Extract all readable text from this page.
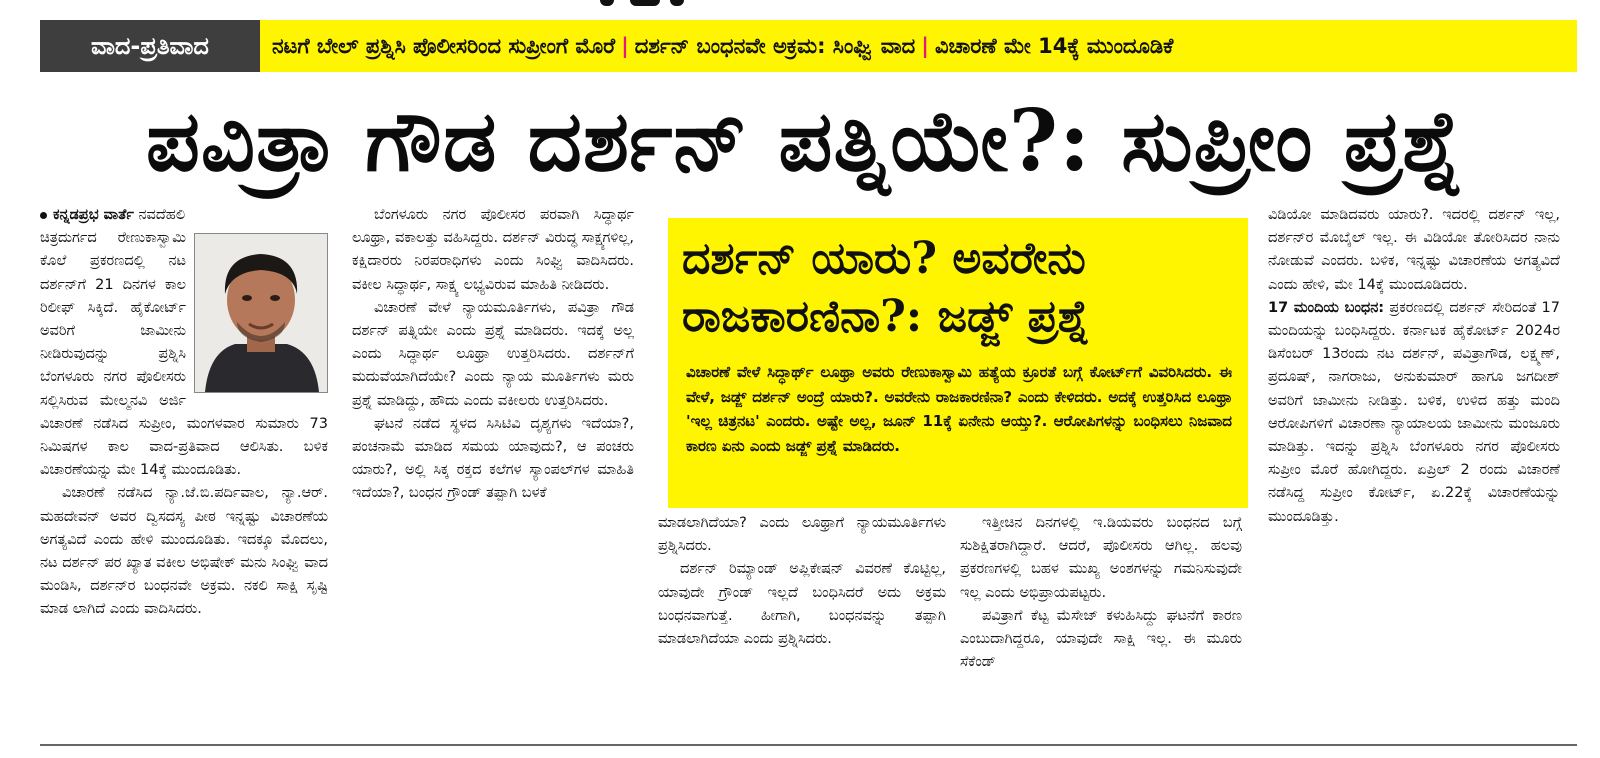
ವಾದ-ಪ್ರತಿವಾದ	ನಟಗೆ ಬೇಲ್ ಪ್ರಶ್ನಿಸಿ ಪೊಲೀಸರಿಂದ ಸುಪ್ರೀಂಗೆ ಮೊರೆ | ದರ್ಶನ್ ಬಂಧನವೇ ಅಕ್ರಮ: ಸಿಂಘ್ವಿ ವಾದ | ವಿಚಾರಣೆ ಮೇ 14ಕ್ಕೆ ಮುಂದೂಡಿಕೆ
ಪವಿತ್ರಾ ಗೌಡ ದರ್ಶನ್ ಪತ್ನಿಯೇ?: ಸುಪ್ರೀಂ ಪ್ರಶ್ನೆ

ಕನ್ನಡಪ್ರಭ ವಾರ್ತೆ ನವದೆಹಲಿ

ಚಿತ್ರದುರ್ಗದ ರೇಣುಕಾಸ್ವಾಮಿ ಕೊಲೆ ಪ್ರಕರಣದಲ್ಲಿ ನಟ ದರ್ಶನ್‌ಗೆ 21 ದಿನಗಳ ಕಾಲ ರಿಲೀಫ್ ಸಿಕ್ಕಿದೆ. ಹೈಕೋರ್ಟ್ ಅವರಿಗೆ ಜಾಮೀನು ನೀಡಿರುವುದನ್ನು ಪ್ರಶ್ನಿಸಿ ಬೆಂಗಳೂರು ನಗರ ಪೊಲೀಸರು ಸಲ್ಲಿಸಿರುವ ಮೇಲ್ಮನವಿ ಅರ್ಜಿ ವಿಚಾರಣೆ ನಡೆಸಿದ ಸುಪ್ರೀಂ, ಮಂಗಳವಾರ ಸುಮಾರು 73 ನಿಮಿಷಗಳ ಕಾಲ ವಾದ-ಪ್ರತಿವಾದ ಆಲಿಸಿತು. ಬಳಿಕ ವಿಚಾರಣೆಯನ್ನು ಮೇ 14ಕ್ಕೆ ಮುಂದೂಡಿತು.

ವಿಚಾರಣೆ ನಡೆಸಿದ ನ್ಯಾ.ಜೆ.ಬಿ.ಪರ್ದಿವಾಲ, ನ್ಯಾ.ಆರ್. ಮಹದೇವನ್ ಅವರ ದ್ವಿಸದಸ್ಯ ಪೀಠ ಇನ್ನಷ್ಟು ವಿಚಾರಣೆಯ ಅಗತ್ಯವಿದೆ ಎಂದು ಹೇಳಿ ಮುಂದೂಡಿತು. ಇದಕ್ಕೂ ಮೊದಲು, ನಟ ದರ್ಶನ್ ಪರ ಖ್ಯಾತ ವಕೀಲ ಅಭಿಷೇಕ್ ಮನು ಸಿಂಘ್ವಿ ವಾದ ಮಂಡಿಸಿ, ದರ್ಶನ್‌ರ ಬಂಧನವೇ ಅಕ್ರಮ. ನಕಲಿ ಸಾಕ್ಷಿ ಸೃಷ್ಟಿ ಮಾಡ ಲಾಗಿದೆ ಎಂದು ವಾದಿಸಿದರು.

ಬೆಂಗಳೂರು ನಗರ ಪೊಲೀಸರ ಪರವಾಗಿ ಸಿದ್ಧಾರ್ಥ ಲೂಥ್ರಾ, ವಕಾಲತ್ತು ವಹಿಸಿದ್ದರು. ದರ್ಶನ್ ವಿರುದ್ಧ ಸಾಕ್ಷ್ಯಗಳಿಲ್ಲ, ಕಕ್ಷಿದಾರರು ನಿರಪರಾಧಿಗಳು ಎಂದು ಸಿಂಘ್ವಿ ವಾದಿಸಿದರು. ವಕೀಲ ಸಿದ್ಧಾರ್ಥ, ಸಾಕ್ಷ್ಯ ಲಭ್ಯವಿರುವ ಮಾಹಿತಿ ನೀಡಿದರು.

ವಿಚಾರಣೆ ವೇಳೆ ನ್ಯಾಯಮೂರ್ತಿಗಳು, ಪವಿತ್ರಾ ಗೌಡ ದರ್ಶನ್ ಪತ್ನಿಯೇ ಎಂದು ಪ್ರಶ್ನೆ ಮಾಡಿದರು. ಇದಕ್ಕೆ ಅಲ್ಲ ಎಂದು ಸಿದ್ಧಾರ್ಥ ಲೂಥ್ರಾ ಉತ್ತರಿಸಿದರು. ದರ್ಶನ್‌ಗೆ ಮದುವೆಯಾಗಿದೆಯೇ? ಎಂದು ನ್ಯಾಯ ಮೂರ್ತಿಗಳು ಮರು ಪ್ರಶ್ನೆ ಮಾಡಿದ್ದು, ಹೌದು ಎಂದು ವಕೀಲರು ಉತ್ತರಿಸಿದರು.

ಘಟನೆ ನಡೆದ ಸ್ಥಳದ ಸಿಸಿಟಿವಿ ದೃಶ್ಯಗಳು ಇದೆಯಾ?, ಪಂಚನಾಮೆ ಮಾಡಿದ ಸಮಯ ಯಾವುದು?, ಆ ಪಂಚರು ಯಾರು?, ಅಲ್ಲಿ ಸಿಕ್ಕ ರಕ್ತದ ಕಲೆಗಳ ಸ್ಯಾಂಪಲ್‌ಗಳ ಮಾಹಿತಿ ಇದೆಯಾ?, ಬಂಧನ ಗ್ರೌಂಡ್ ತಪ್ಪಾಗಿ ಬಳಕೆ

ದರ್ಶನ್ ಯಾರು? ಅವರೇನು ರಾಜಕಾರಣಿನಾ?: ಜಡ್ಜ್ ಪ್ರಶ್ನೆ
ವಿಚಾರಣೆ ವೇಳೆ ಸಿದ್ಧಾರ್ಥ್ ಲೂಥ್ರಾ ಅವರು ರೇಣುಕಾಸ್ವಾಮಿ ಹತ್ಯೆಯ ಕ್ರೂರತೆ ಬಗ್ಗೆ ಕೋರ್ಟ್‌ಗೆ ವಿವರಿಸಿದರು. ಈ ವೇಳೆ, ಜಡ್ಜ್ ದರ್ಶನ್ ಅಂದ್ರೆ ಯಾರು?. ಅವರೇನು ರಾಜಕಾರಣಿನಾ? ಎಂದು ಕೇಳಿದರು. ಅದಕ್ಕೆ ಉತ್ತರಿಸಿದ ಲೂಥ್ರಾ 'ಇಲ್ಲ ಚಿತ್ರನಟ' ಎಂದರು. ಅಷ್ಟೇ ಅಲ್ಲ, ಜೂನ್ 11ಕ್ಕೆ ಏನೇನು ಆಯ್ತು?. ಆರೋಪಿಗಳನ್ನು ಬಂಧಿಸಲು ನಿಜವಾದ ಕಾರಣ ಏನು ಎಂದು ಜಡ್ಜ್ ಪ್ರಶ್ನೆ ಮಾಡಿದರು.

ಮಾಡಲಾಗಿದೆಯಾ? ಎಂದು ಲೂಥ್ರಾಗೆ ನ್ಯಾಯಮೂರ್ತಿಗಳು ಪ್ರಶ್ನಿಸಿದರು.

ದರ್ಶನ್ ರಿಮ್ಯಾಂಡ್ ಅಪ್ಲಿಕೇಷನ್ ವಿವರಣೆ ಕೊಟ್ಟಿಲ್ಲ, ಯಾವುದೇ ಗ್ರೌಂಡ್ ಇಲ್ಲದೆ ಬಂಧಿಸಿದರೆ ಅದು ಅಕ್ರಮ ಬಂಧನವಾಗುತ್ತೆ. ಹೀಗಾಗಿ, ಬಂಧನವನ್ನು ತಪ್ಪಾಗಿ ಮಾಡಲಾಗಿದೆಯಾ ಎಂದು ಪ್ರಶ್ನಿಸಿದರು.

ಇತ್ತೀಚಿನ ದಿನಗಳಲ್ಲಿ ಇ.ಡಿಯವರು ಬಂಧನದ ಬಗ್ಗೆ ಸುಶಿಕ್ಷಿತರಾಗಿದ್ದಾರೆ. ಆದರೆ, ಪೊಲೀಸರು ಆಗಿಲ್ಲ. ಹಲವು ಪ್ರಕರಣಗಳಲ್ಲಿ ಬಹಳ ಮುಖ್ಯ ಅಂಶಗಳನ್ನು ಗಮನಿಸುವುದೇ ಇಲ್ಲ ಎಂದು ಅಭಿಪ್ರಾಯಪಟ್ಟರು.

ಪವಿತ್ರಾಗೆ ಕೆಟ್ಟ ಮೆಸೇಜ್ ಕಳುಹಿಸಿದ್ದು ಘಟನೆಗೆ ಕಾರಣ ಎಂಬುದಾಗಿದ್ದರೂ, ಯಾವುದೇ ಸಾಕ್ಷಿ ಇಲ್ಲ. ಈ ಮೂರು ಸೆಕೆಂಡ್

ವಿಡಿಯೋ ಮಾಡಿದವರು ಯಾರು?. ಇದರಲ್ಲಿ ದರ್ಶನ್ ಇಲ್ಲ, ದರ್ಶನ್‌ರ ಮೊಬೈಲ್ ಇಲ್ಲ. ಈ ವಿಡಿಯೋ ತೋರಿಸಿದರ ನಾನು ನೋಡುವೆ ಎಂದರು. ಬಳಿಕ, ಇನ್ನಷ್ಟು ವಿಚಾರಣೆಯ ಅಗತ್ಯವಿದೆ ಎಂದು ಹೇಳಿ, ಮೇ 14ಕ್ಕೆ ಮುಂದೂಡಿದರು.

17 ಮಂದಿಯ ಬಂಧನ: ಪ್ರಕರಣದಲ್ಲಿ ದರ್ಶನ್ ಸೇರಿದಂತೆ 17 ಮಂದಿಯನ್ನು ಬಂಧಿಸಿದ್ದರು. ಕರ್ನಾಟಕ ಹೈಕೋರ್ಟ್ 2024ರ ಡಿಸೆಂಬರ್ 13ರಂದು ನಟ ದರ್ಶನ್, ಪವಿತ್ರಾಗೌಡ, ಲಕ್ಷ್ಮಣ್, ಪ್ರದೂಷ್, ನಾಗರಾಜು, ಅನುಕುಮಾರ್ ಹಾಗೂ ಜಗದೀಶ್ ಅವರಿಗೆ ಜಾಮೀನು ನೀಡಿತ್ತು. ಬಳಿಕ, ಉಳಿದ ಹತ್ತು ಮಂದಿ ಆರೋಪಿಗಳಿಗೆ ವಿಚಾರಣಾ ನ್ಯಾಯಾಲಯ ಜಾಮೀನು ಮಂಜೂರು ಮಾಡಿತ್ತು. ಇದನ್ನು ಪ್ರಶ್ನಿಸಿ ಬೆಂಗಳೂರು ನಗರ ಪೊಲೀಸರು ಸುಪ್ರೀಂ ಮೊರೆ ಹೋಗಿದ್ದರು. ಏಪ್ರಿಲ್ 2 ರಂದು ವಿಚಾರಣೆ ನಡೆಸಿದ್ದ ಸುಪ್ರೀಂ ಕೋರ್ಟ್, ಏ.22ಕ್ಕೆ ವಿಚಾರಣೆಯನ್ನು ಮುಂದೂಡಿತ್ತು.
